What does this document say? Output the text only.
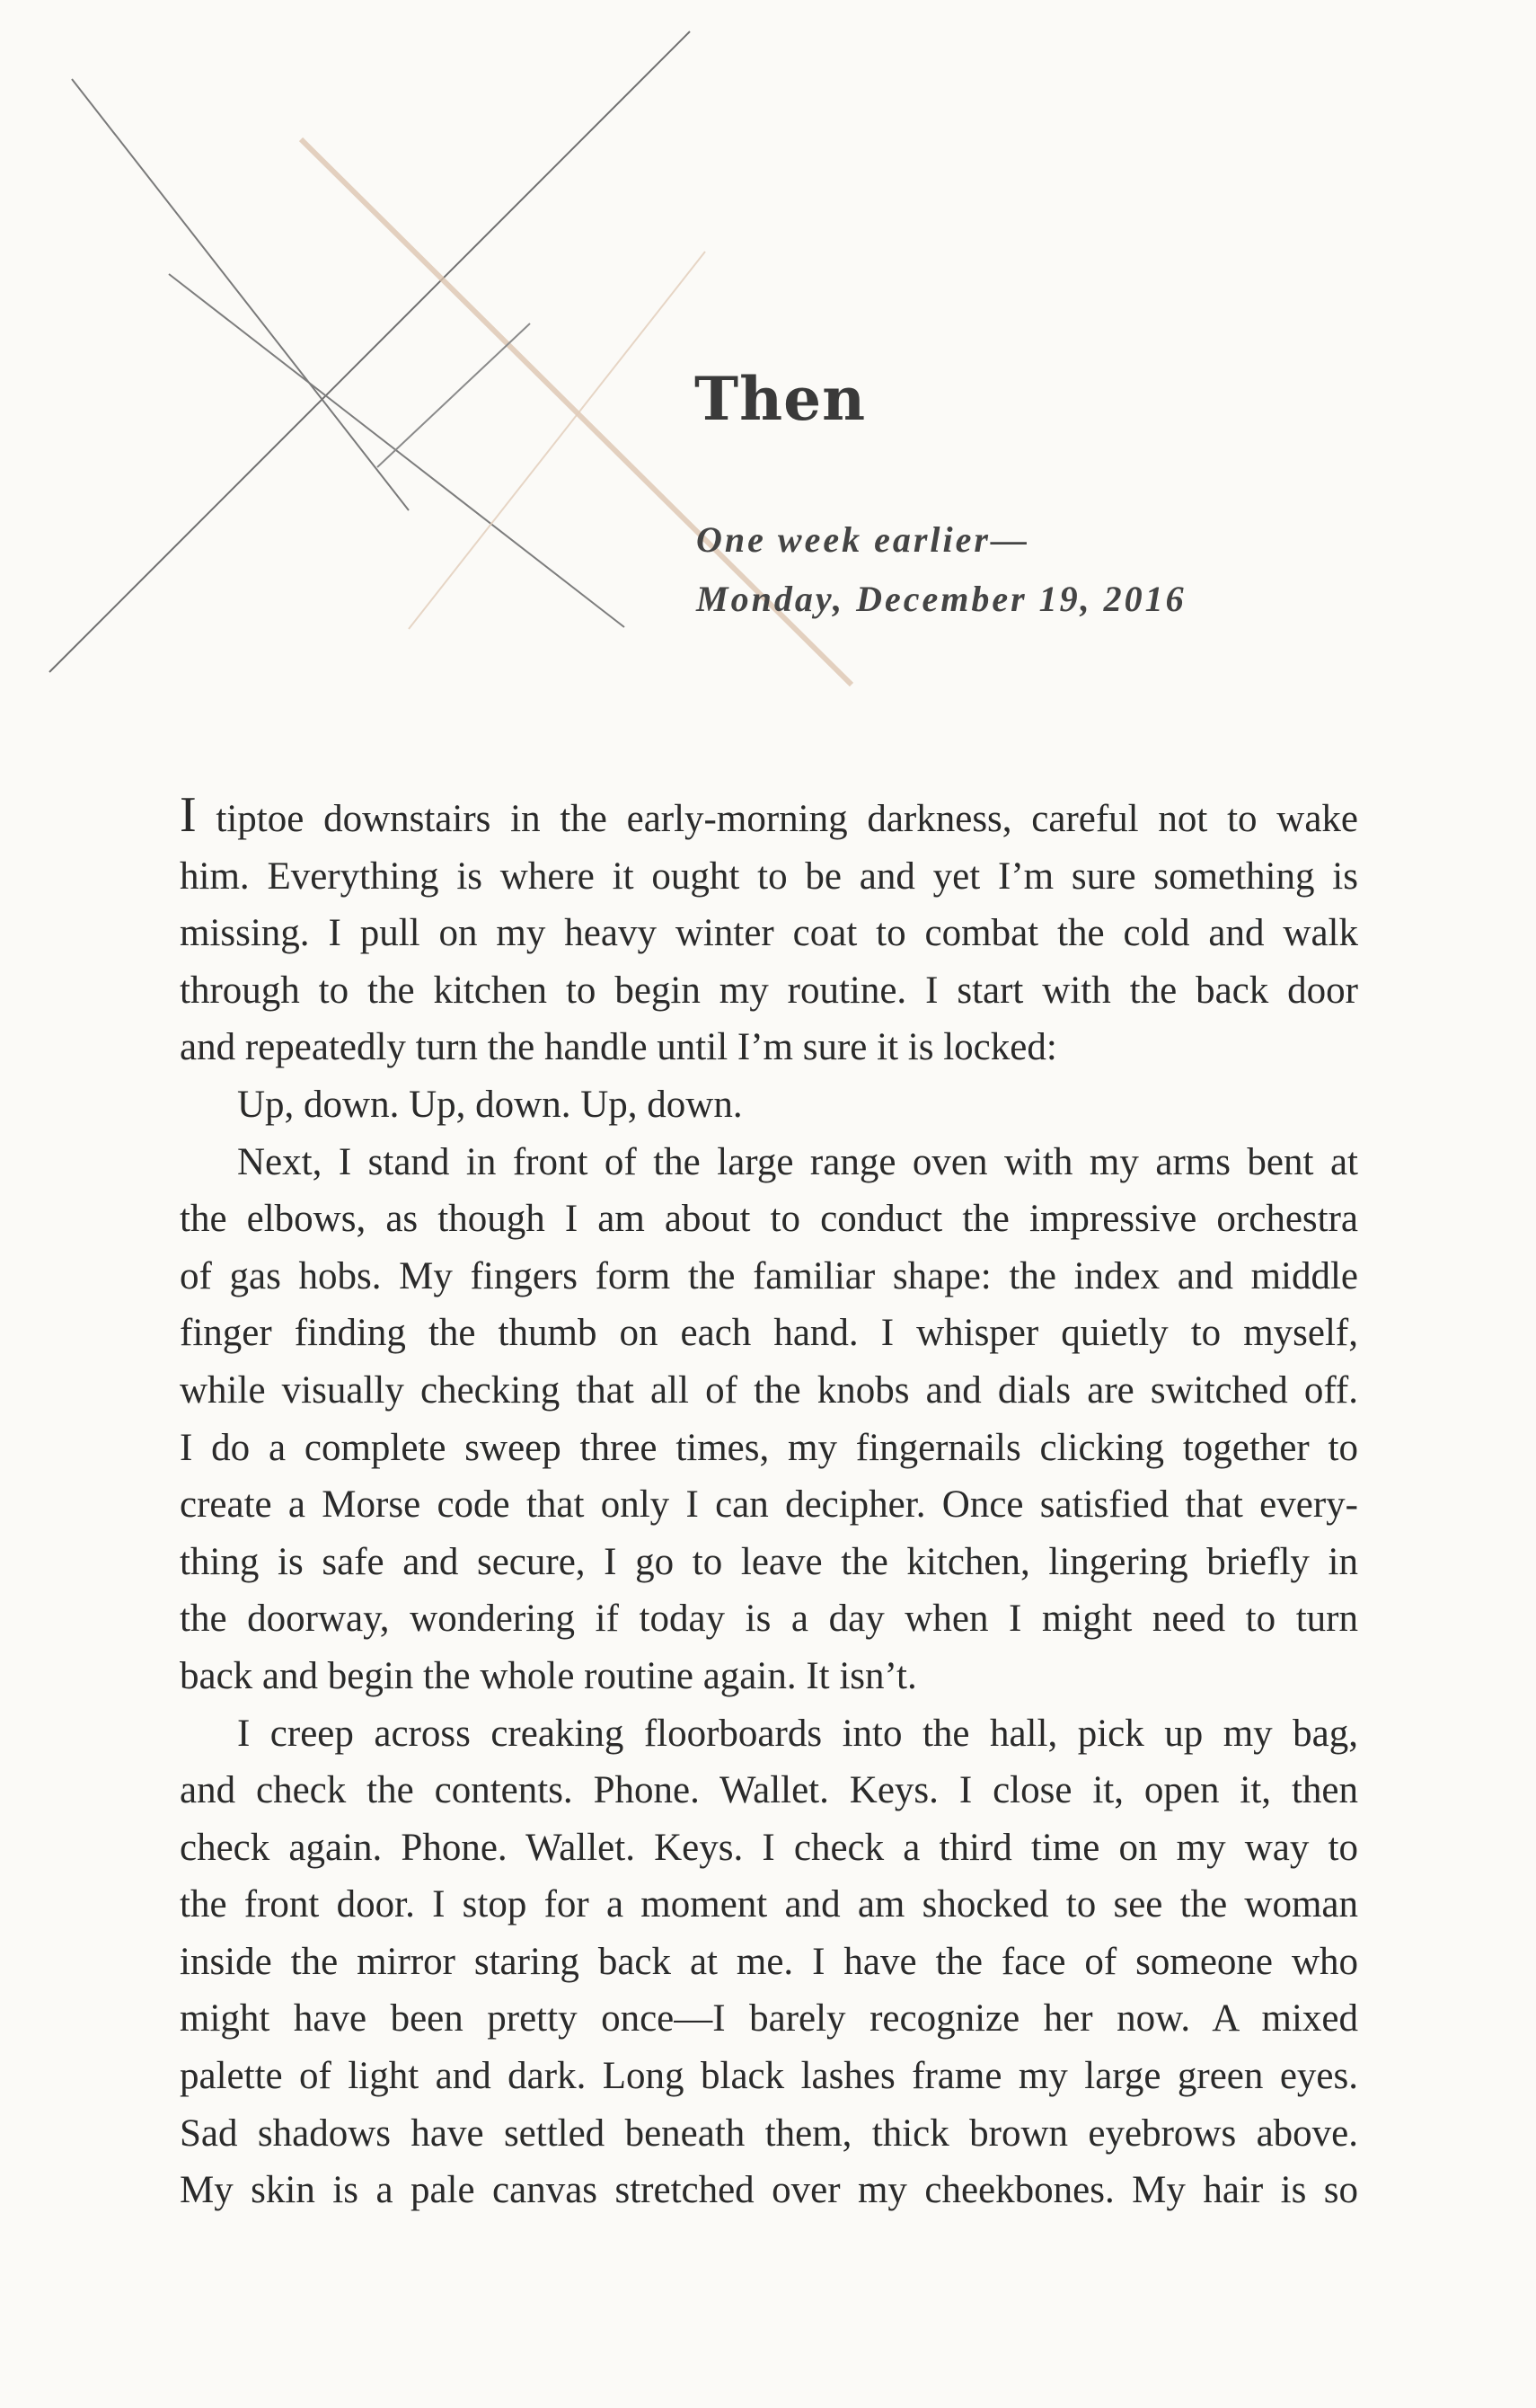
Then
One week earlier—
Monday, December 19, 2016
I tiptoe downstairs in the early-morning darkness, careful not to wake
him. Everything is where it ought to be and yet I’m sure something is
missing. I pull on my heavy winter coat to combat the cold and walk
through to the kitchen to begin my routine. I start with the back door
and repeatedly turn the handle until I’m sure it is locked:
Up, down. Up, down. Up, down.
Next, I stand in front of the large range oven with my arms bent at
the elbows, as though I am about to conduct the impressive orchestra
of gas hobs. My fingers form the familiar shape: the index and middle
finger finding the thumb on each hand. I whisper quietly to myself,
while visually checking that all of the knobs and dials are switched off.
I do a complete sweep three times, my fingernails clicking together to
create a Morse code that only I can decipher. Once satisfied that every-
thing is safe and secure, I go to leave the kitchen, lingering briefly in
the doorway, wondering if today is a day when I might need to turn
back and begin the whole routine again. It isn’t.
I creep across creaking floorboards into the hall, pick up my bag,
and check the contents. Phone. Wallet. Keys. I close it, open it, then
check again. Phone. Wallet. Keys. I check a third time on my way to
the front door. I stop for a moment and am shocked to see the woman
inside the mirror staring back at me. I have the face of someone who
might have been pretty once—I barely recognize her now. A mixed
palette of light and dark. Long black lashes frame my large green eyes.
Sad shadows have settled beneath them, thick brown eyebrows above.
My skin is a pale canvas stretched over my cheekbones. My hair is so
